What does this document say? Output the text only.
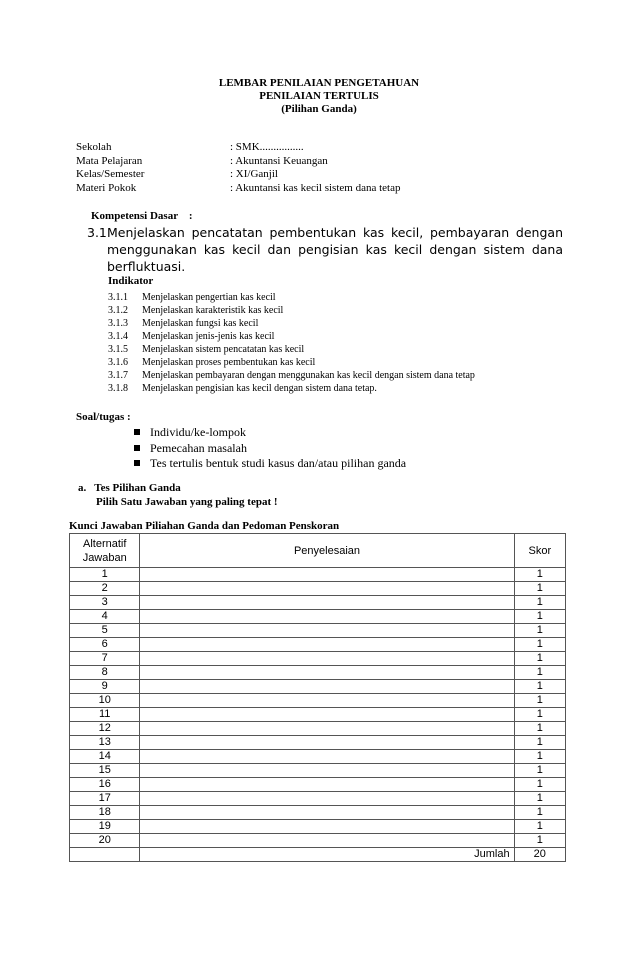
LEMBAR PENILAIAN PENGETAHUAN
PENILAIAN TERTULIS
(Pilihan Ganda)
Sekolah	: SMK................
Mata Pelajaran	: Akuntansi Keuangan
Kelas/Semester	: XI/Ganjil
Materi Pokok	: Akuntansi kas kecil sistem dana tetap
Kompetensi Dasar    :
3.1 Menjelaskan pencatatan pembentukan kas kecil, pembayaran dengan menggunakan kas kecil dan pengisian kas kecil dengan sistem dana berfluktuasi.
Indikator
3.1.1 Menjelaskan pengertian kas kecil
3.1.2 Menjelaskan karakteristik kas kecil
3.1.3 Menjelaskan fungsi kas kecil
3.1.4 Menjelaskan jenis-jenis kas kecil
3.1.5 Menjelaskan sistem pencatatan kas kecil
3.1.6 Menjelaskan proses pembentukan kas kecil
3.1.7 Menjelaskan pembayaran dengan menggunakan kas kecil dengan sistem dana tetap
3.1.8 Menjelaskan pengisian kas kecil dengan sistem dana tetap.
Soal/tugas :
Individu/ke-lompok
Pemecahan masalah
Tes tertulis bentuk studi kasus dan/atau pilihan ganda
a.   Tes Pilihan Ganda
Pilih Satu Jawaban yang paling tepat !
Kunci Jawaban Piliahan Ganda dan Pedoman Penskoran
Alternatif Jawaban	Penyelesaian	Skor
1		1
2		1
3		1
4		1
5		1
6		1
7		1
8		1
9		1
10		1
11		1
12		1
13		1
14		1
15		1
16		1
17		1
18		1
19		1
20		1
	Jumlah	20
